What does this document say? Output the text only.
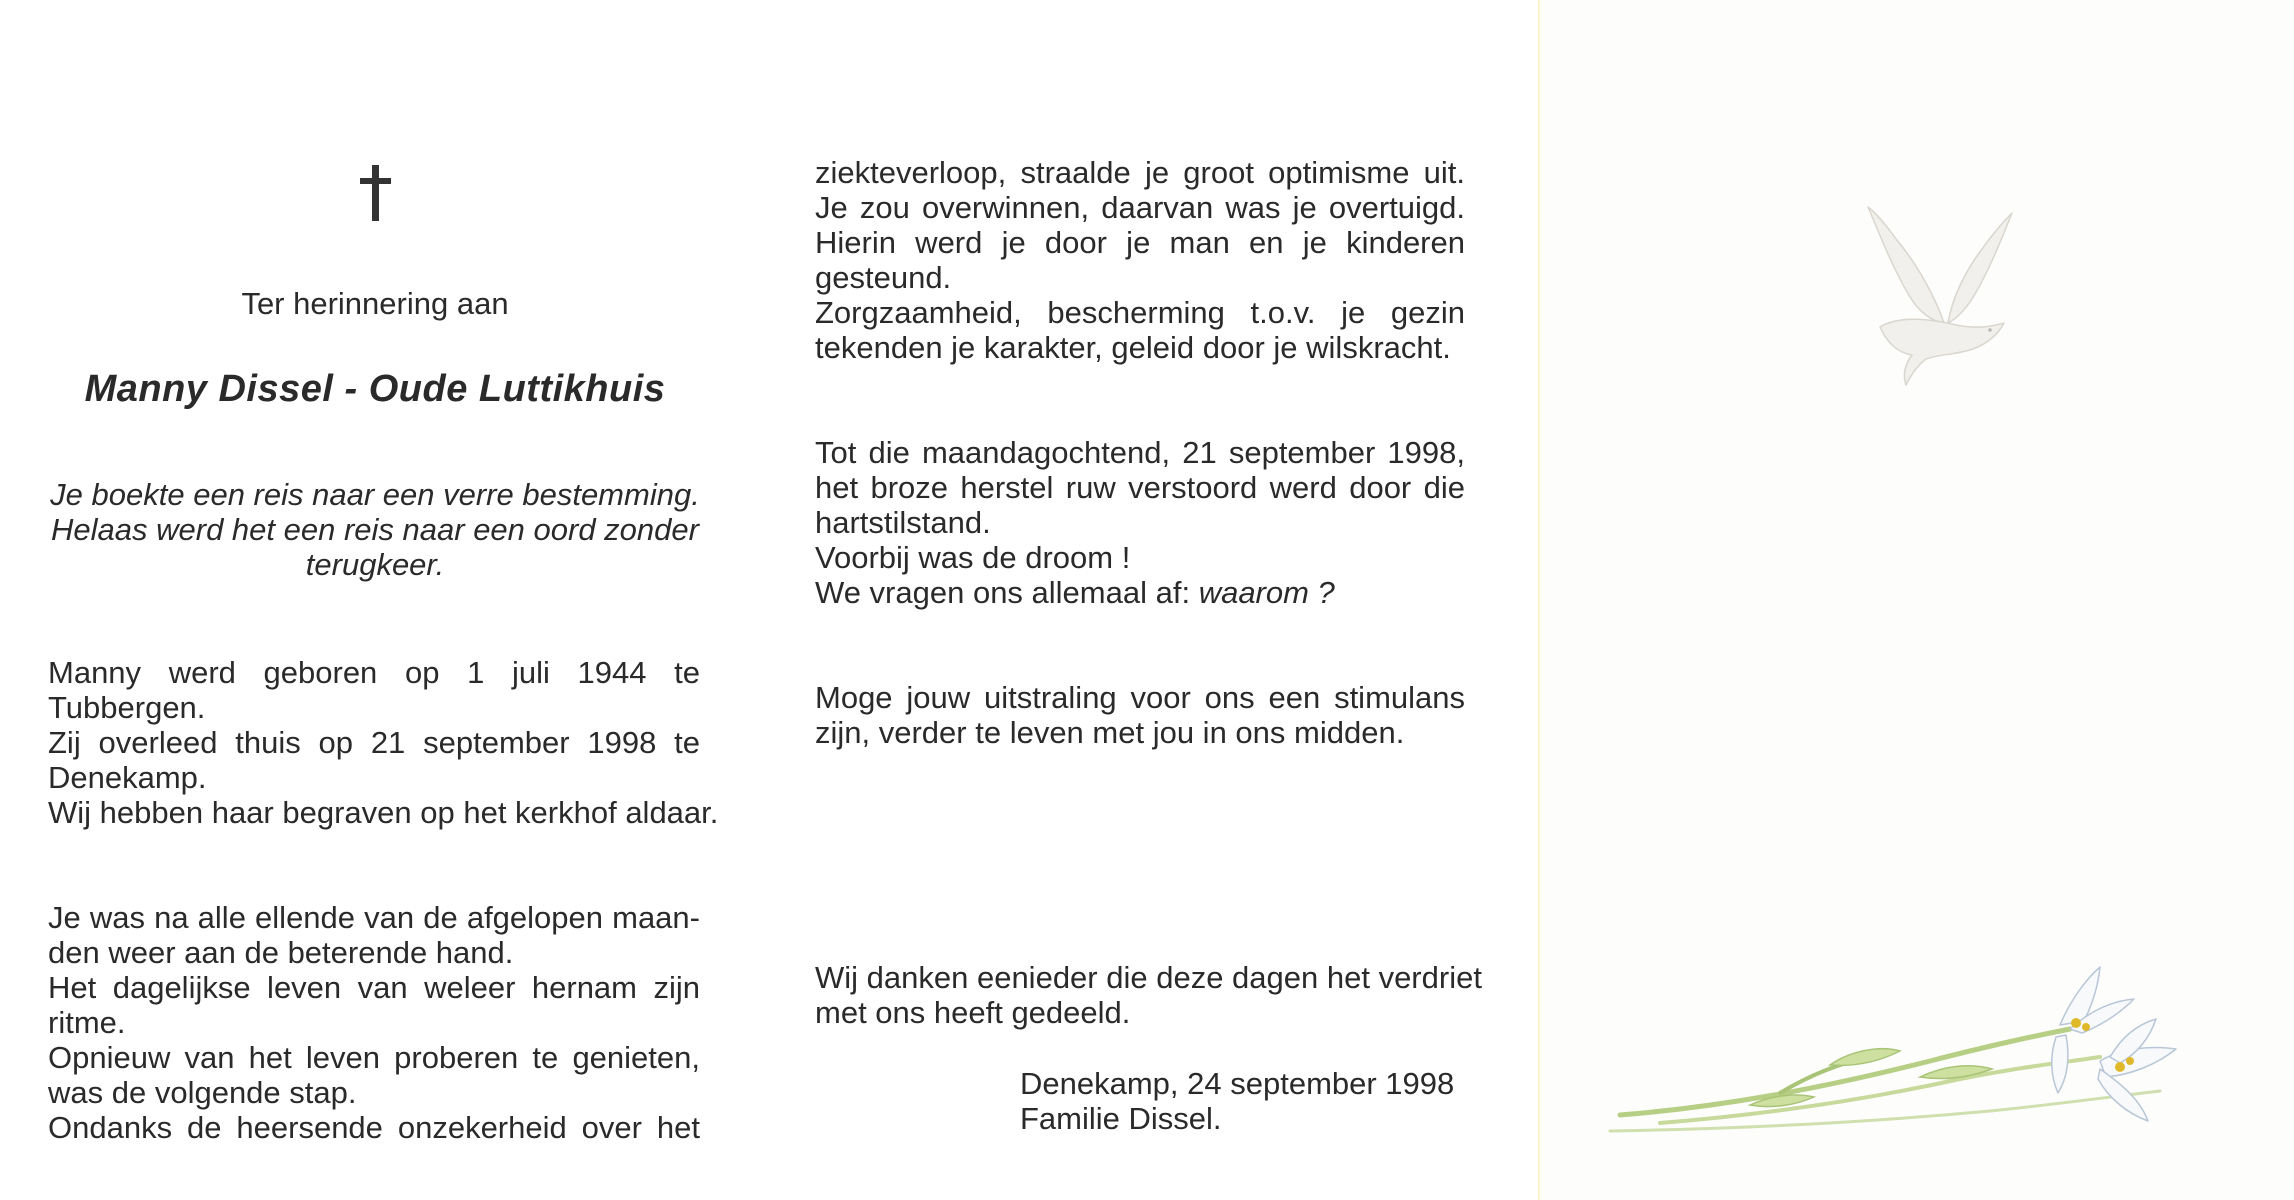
Ter herinnering aan
Manny Dissel - Oude Luttikhuis
Je boekte een reis naar een verre bestemming.
Helaas werd het een reis naar een oord zonder
terugkeer.
Manny werd geboren op 1 juli 1944 te
Tubbergen.
Zij overleed thuis op 21 september 1998 te
Denekamp.
Wij hebben haar begraven op het kerkhof aldaar.
Je was na alle ellende van de afgelopen maan-
den weer aan de beterende hand.
Het dagelijkse leven van weleer hernam zijn
ritme.
Opnieuw van het leven proberen te genieten,
was de volgende stap.
Ondanks de heersende onzekerheid over het
ziekteverloop, straalde je groot optimisme uit.
Je zou overwinnen, daarvan was je overtuigd.
Hierin werd je door je man en je kinderen
gesteund.
Zorgzaamheid, bescherming t.o.v. je gezin
tekenden je karakter, geleid door je wilskracht.
Tot die maandagochtend, 21 september 1998,
het broze herstel ruw verstoord werd door die
hartstilstand.
Voorbij was de droom !
We vragen ons allemaal af: waarom ?
Moge jouw uitstraling voor ons een stimulans
zijn, verder te leven met jou in ons midden.
Wij danken eenieder die deze dagen het verdriet
met ons heeft gedeeld.
Denekamp, 24 september 1998
Familie Dissel.
